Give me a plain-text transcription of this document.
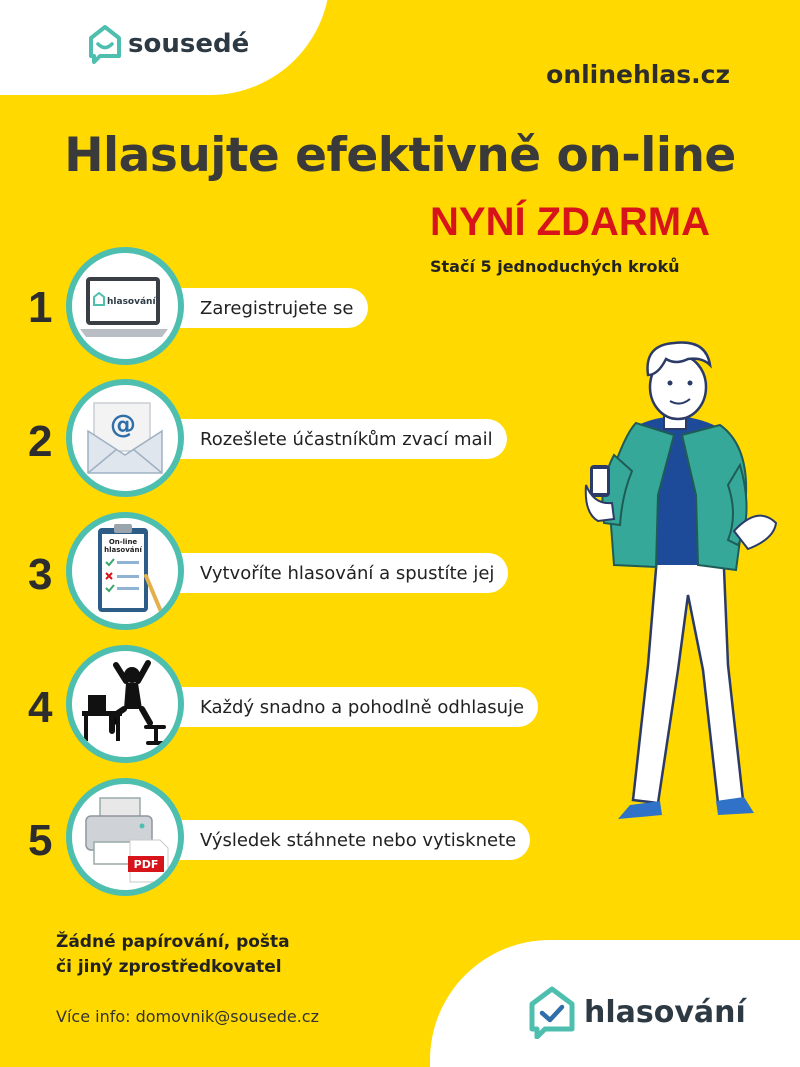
sousedé
onlinehlas.cz
Hlasujte efektivně on-line
NYNÍ ZDARMA
Stačí 5 jednoduchých kroků
1	Zaregistrujete se
hlasování
2	Rozešlete účastníkům zvací mail
@
3	Vytvoříte hlasování a spustíte jej
On-line
hlasování
4	Každý snadno a pohodlně odhlasuje
5	Výsledek stáhnete nebo vytisknete
PDF
Žádné papírování, pošta
či jiný zprostředkovatel
Více info: domovnik@sousede.cz	hlasování
